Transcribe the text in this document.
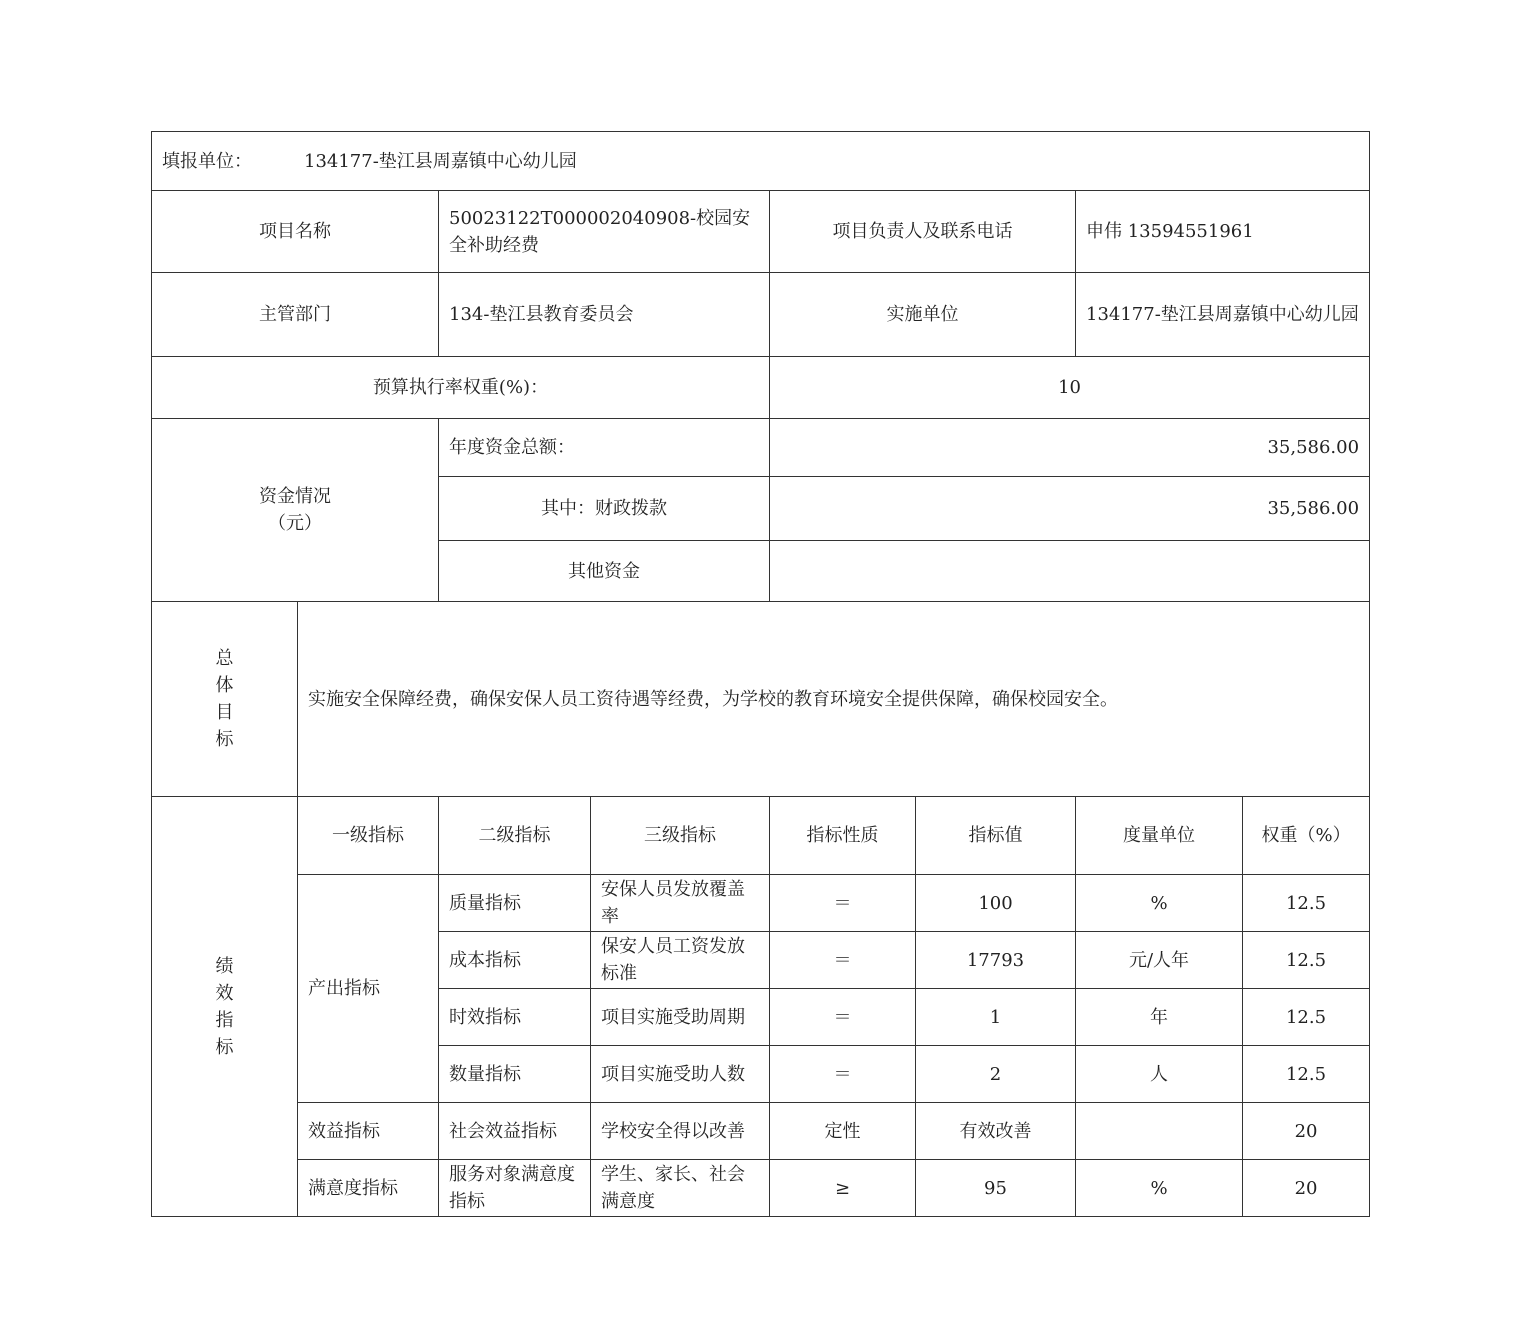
填报单位： 134177-垫江县周嘉镇中心幼儿园							
项目名称		50023122T000002040908-校园安全补助经费		项目负责人及联系电话		申伟 13594551961	
主管部门		134-垫江县教育委员会		实施单位		134177-垫江县周嘉镇中心幼儿园	
预算执行率权重(%)：				10			

资金情况
（元）		年度资金总额：		35,586.00			
		其中：财政拨款		35,586.00			
		其他资金					

总
体
目
标	实施安全保障经费，确保安保人员工资待遇等经费，为学校的教育环境安全提供保障，确保校园安全。						

绩
效
指
标	一级指标	二级指标	三级指标	指标性质	指标值	度量单位	权重（%）
	产出指标	质量指标	安保人员发放覆盖率	＝	100	%	12.5
		成本指标	保安人员工资发放标准	＝	17793	元/人年	12.5
		时效指标	项目实施受助周期	＝	1	年	12.5
		数量指标	项目实施受助人数	＝	2	人	12.5
	效益指标	社会效益指标	学校安全得以改善	定性	有效改善		20
	满意度指标	服务对象满意度指标	学生、家长、社会满意度	≥	95	%	20
